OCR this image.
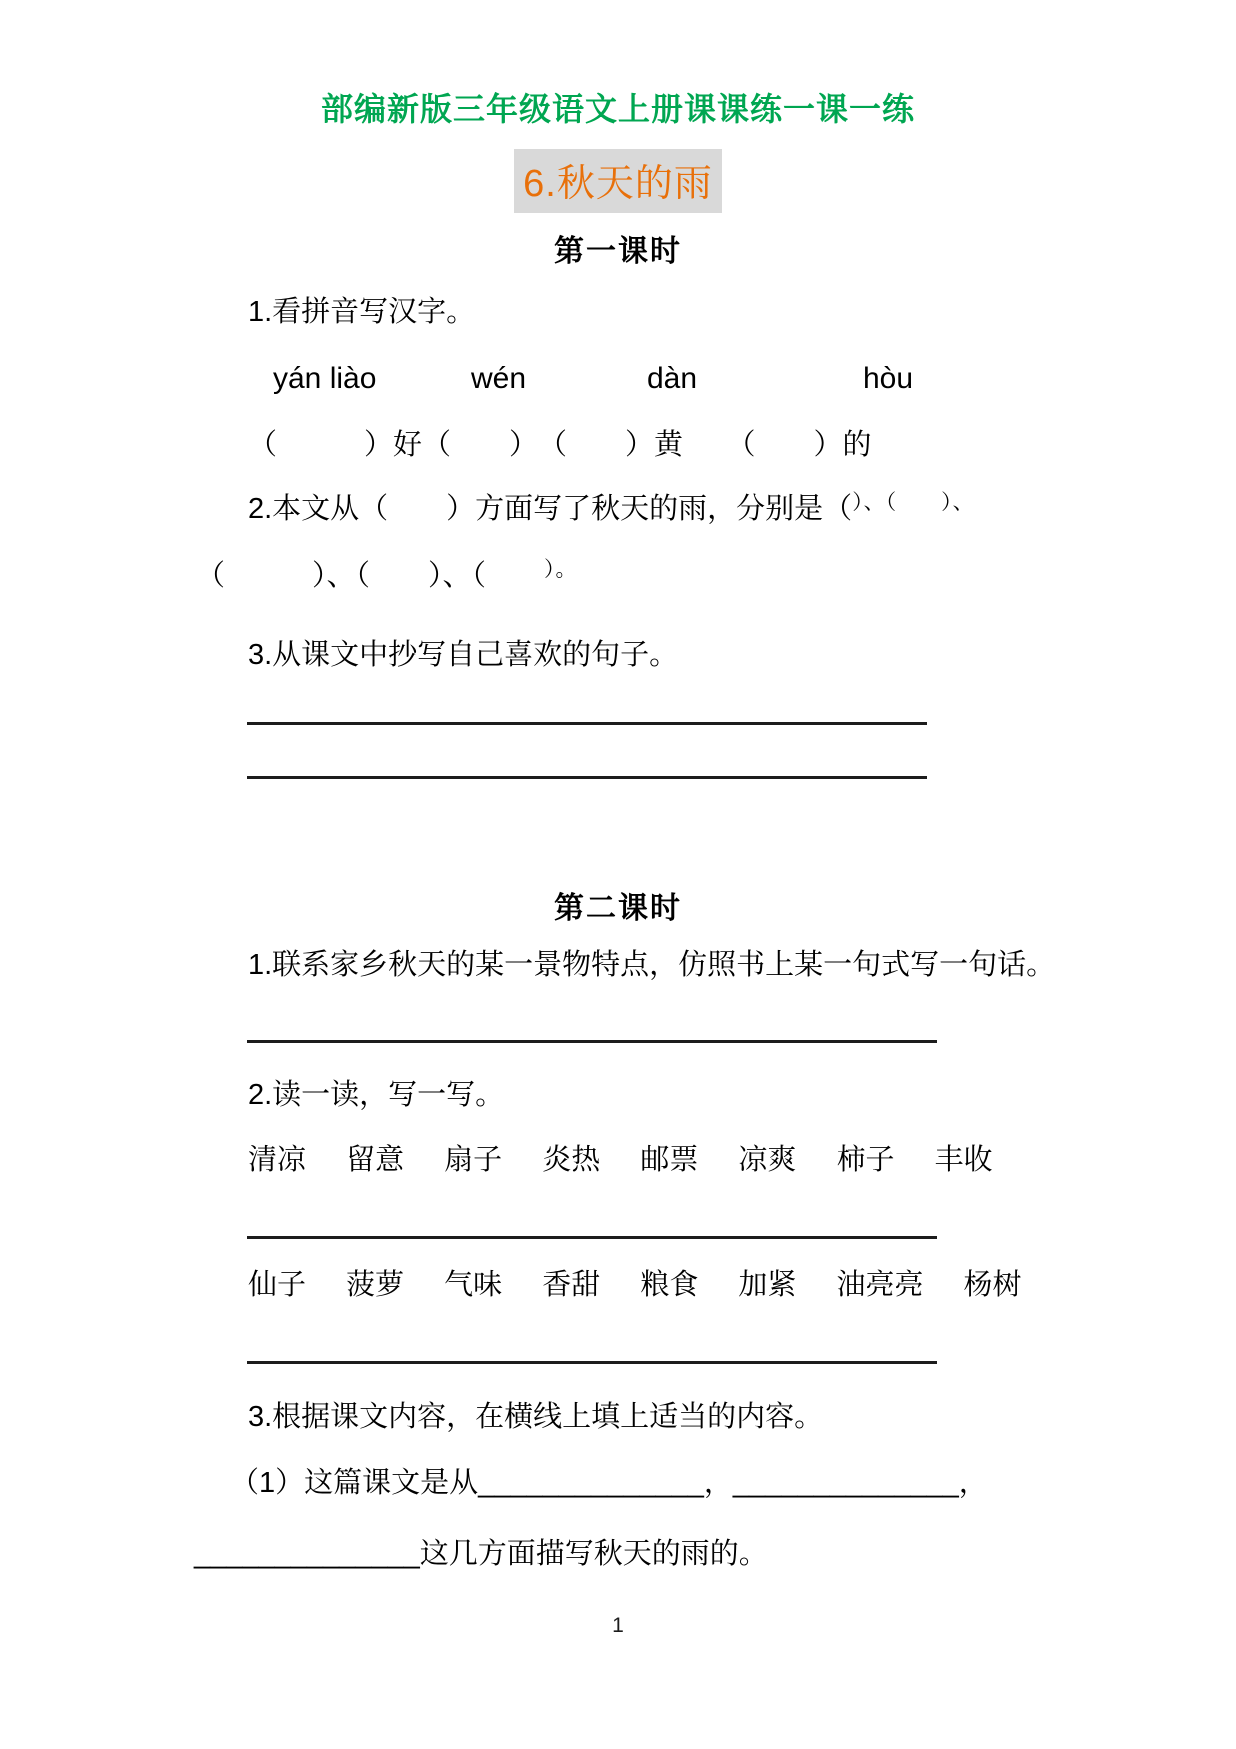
部编新版三年级语文上册课课练一课一练
6.秋天的雨
第一课时
1.看拼音写汉字。
yán liào	wén	dàn	hòu
（　　　）好（　　）　（　　）黄　　（　　）的
2.本文从（　　）方面写了秋天的雨，分别是（）、（　　）、
（　　　）、（　　）、（　　）。
3.从课文中抄写自己喜欢的句子。
第二课时
1.联系家乡秋天的某一景物特点，仿照书上某一句式写一句话。
2.读一读，写一写。
清凉 留意 扇子 炎热 邮票 凉爽 柿子 丰收
仙子 菠萝 气味 香甜 粮食 加紧 油亮亮 杨树
3.根据课文内容，在横线上填上适当的内容。
（1）这篇课文是从______________，______________，
______________这几方面描写秋天的雨的。
1
